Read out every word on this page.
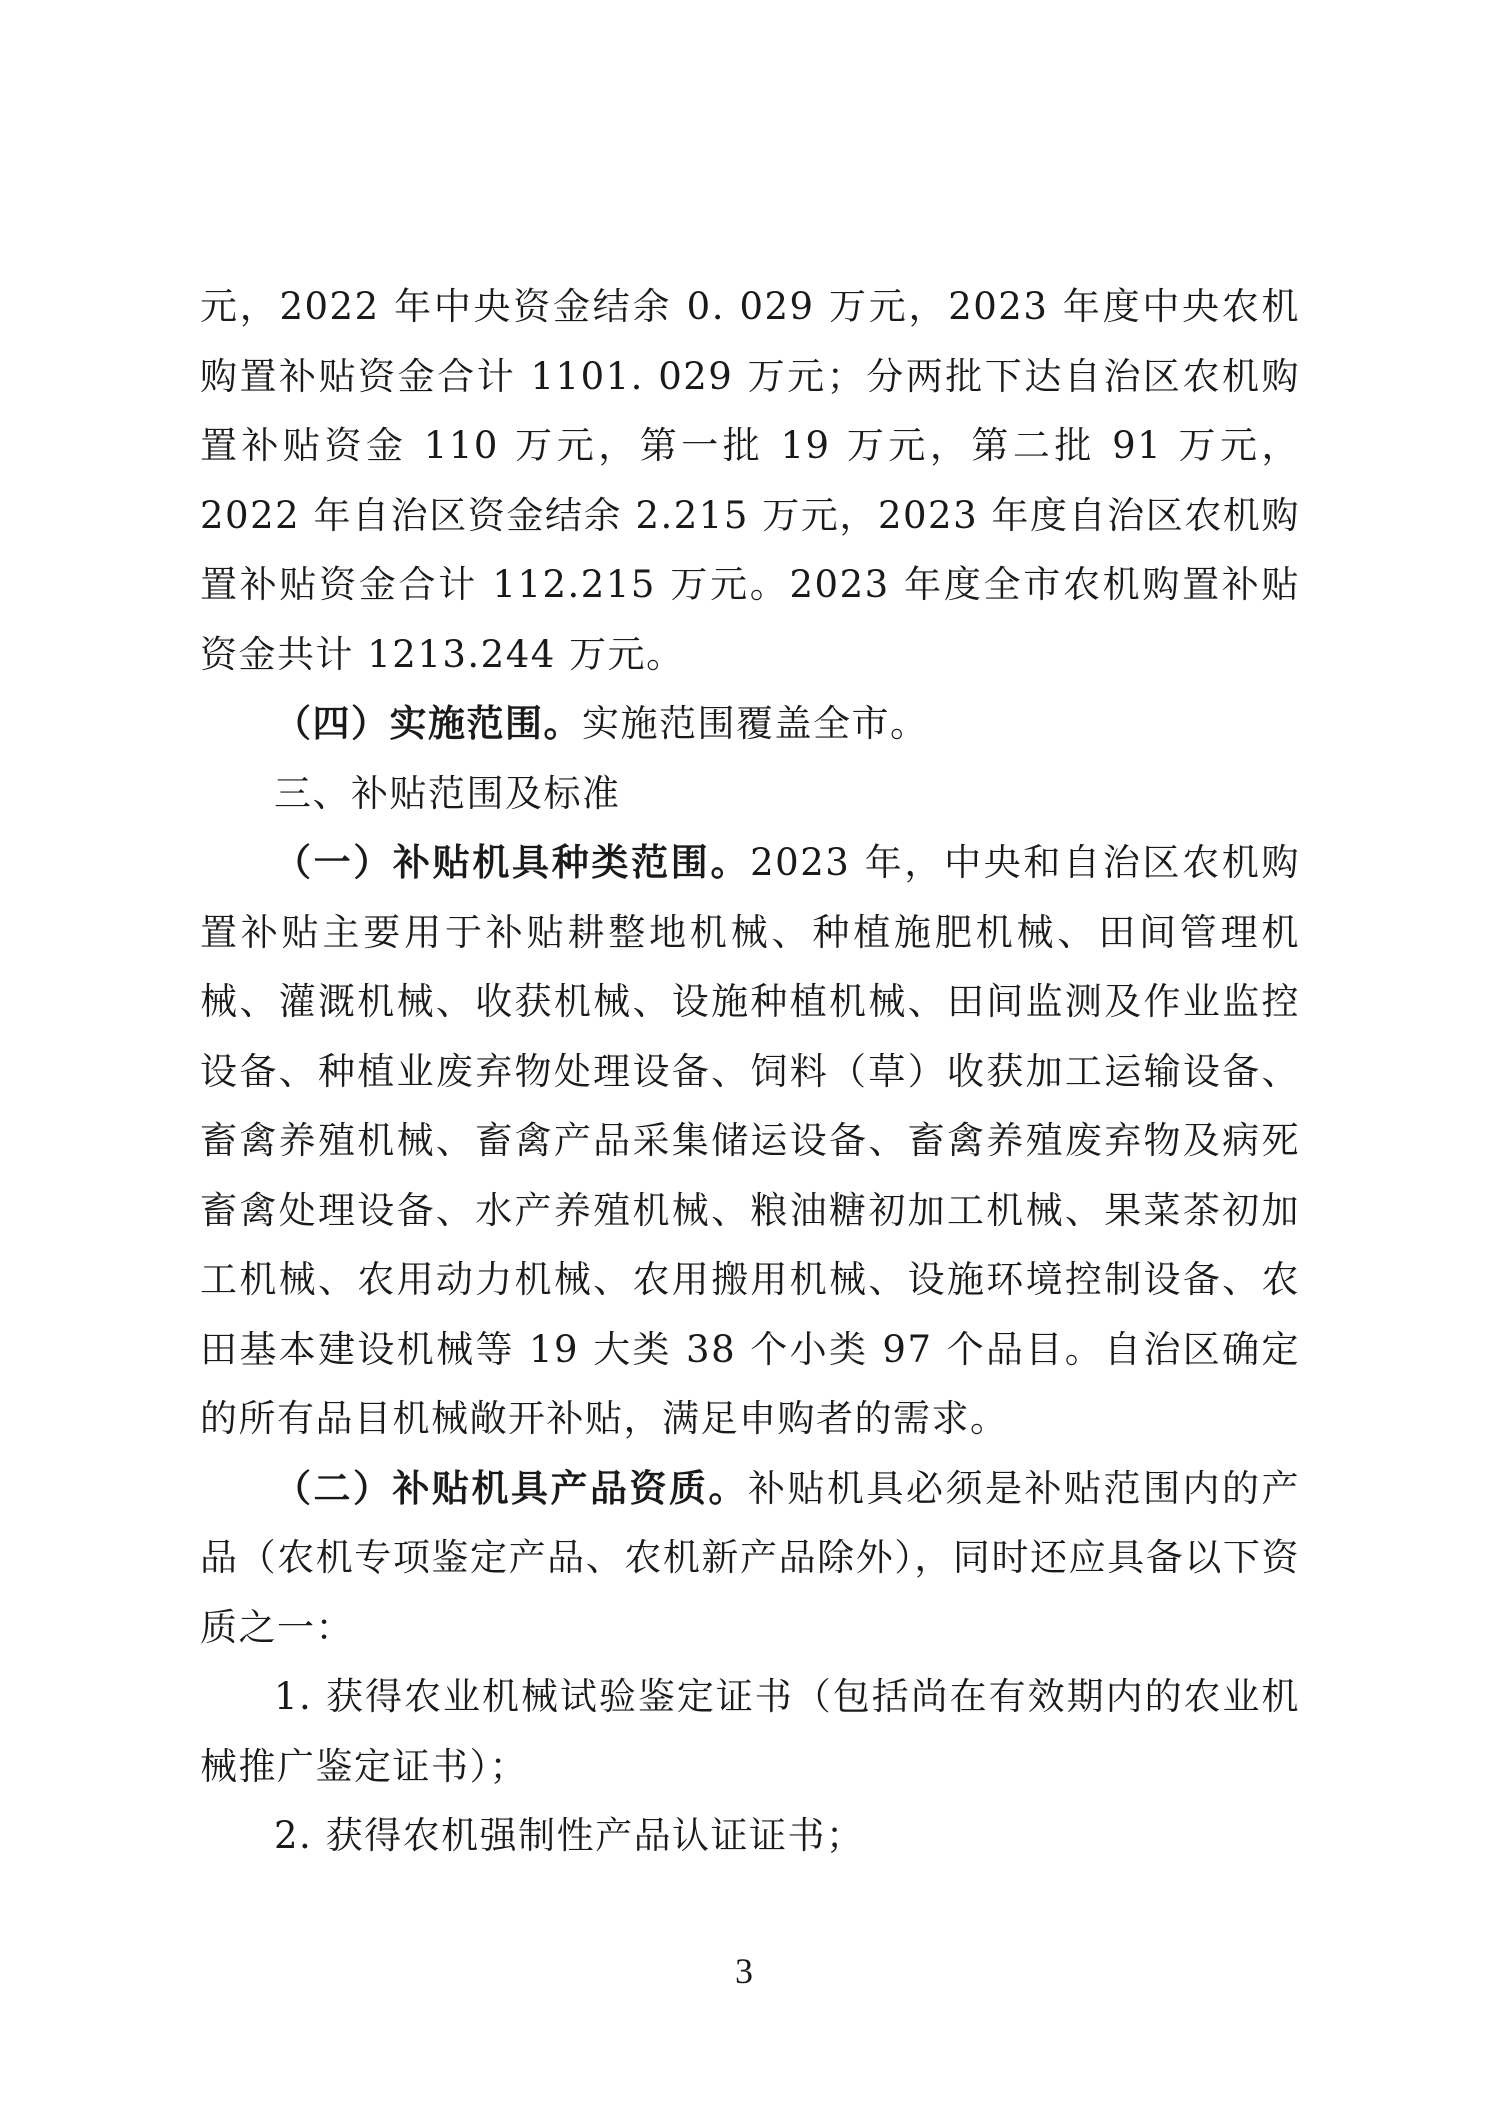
元，2022 年中央资金结余 0. 029 万元，2023 年度中央农机购置补贴资金合计 1101. 029 万元；分两批下达自治区农机购置补贴资金 110 万元，第一批 19 万元，第二批 91 万元，2022 年自治区资金结余 2.215 万元，2023 年度自治区农机购置补贴资金合计 112.215 万元。2023 年度全市农机购置补贴资金共计 1213.244 万元。

（四）实施范围。实施范围覆盖全市。

三、补贴范围及标准

（一）补贴机具种类范围。2023 年，中央和自治区农机购置补贴主要用于补贴耕整地机械、种植施肥机械、田间管理机械、灌溉机械、收获机械、设施种植机械、田间监测及作业监控设备、种植业废弃物处理设备、饲料（草）收获加工运输设备、畜禽养殖机械、畜禽产品采集储运设备、畜禽养殖废弃物及病死畜禽处理设备、水产养殖机械、粮油糖初加工机械、果菜茶初加工机械、农用动力机械、农用搬用机械、设施环境控制设备、农田基本建设机械等 19 大类 38 个小类 97 个品目。自治区确定的所有品目机械敞开补贴，满足申购者的需求。

（二）补贴机具产品资质。补贴机具必须是补贴范围内的产品（农机专项鉴定产品、农机新产品除外），同时还应具备以下资质之一：

1. 获得农业机械试验鉴定证书（包括尚在有效期内的农业机械推广鉴定证书）；

2. 获得农机强制性产品认证证书；

3
